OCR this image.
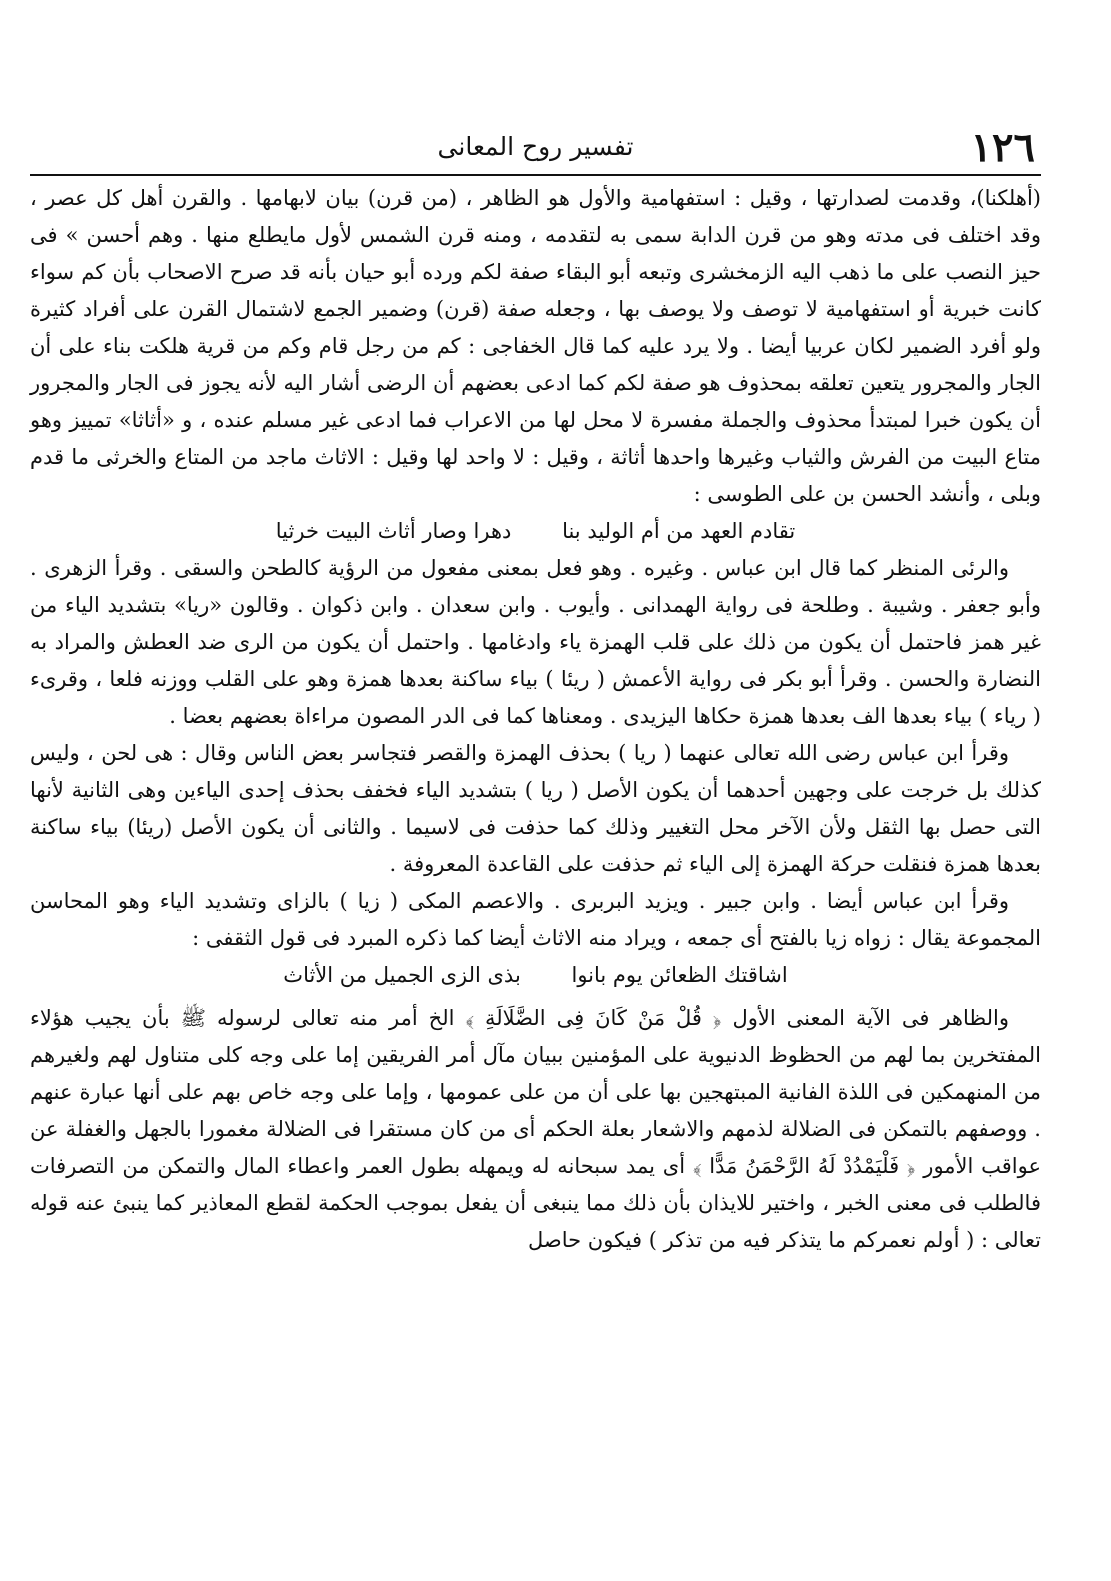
١٢٦
تفسير روح المعانى

(أهلكنا)، وقدمت لصدارتها ، وقيل : استفهامية والأول هو الظاهر ، (من قرن) بيان لابهامها . والقرن أهل كل عصر ، وقد اختلف فى مدته وهو من قرن الدابة سمى به لتقدمه ، ومنه قرن الشمس لأول مايطلع منها . وهم أحسن » فى حيز النصب على ما ذهب اليه الزمخشرى وتبعه أبو البقاء صفة لكم ورده أبو حيان بأنه قد صرح الاصحاب بأن كم سواء كانت خبرية أو استفهامية لا توصف ولا يوصف بها ، وجعله صفة (قرن) وضمير الجمع لاشتمال القرن على أفراد كثيرة ولو أفرد الضمير لكان عربيا أيضا . ولا يرد عليه كما قال الخفاجى : كم من رجل قام وكم من قرية هلكت بناء على أن الجار والمجرور يتعين تعلقه بمحذوف هو صفة لكم كما ادعى بعضهم أن الرضى أشار اليه لأنه يجوز فى الجار والمجرور أن يكون خبرا لمبتدأ محذوف والجملة مفسرة لا محل لها من الاعراب فما ادعى غير مسلم عنده ، و «أثاثا» تمييز وهو متاع البيت من الفرش والثياب وغيرها واحدها أثاثة ، وقيل : لا واحد لها وقيل : الاثاث ماجد من المتاع والخرثى ما قدم وبلى ، وأنشد الحسن بن على الطوسى :

تقادم العهد من أم الوليد بنا دهرا وصار أثاث البيت خرثيا

والرئى المنظر كما قال ابن عباس . وغيره . وهو فعل بمعنى مفعول من الرؤية كالطحن والسقى . وقرأ الزهرى . وأبو جعفر . وشيبة . وطلحة فى رواية الهمدانى . وأيوب . وابن سعدان . وابن ذكوان . وقالون «ريا» بتشديد الياء من غير همز فاحتمل أن يكون من ذلك على قلب الهمزة ياء وادغامها . واحتمل أن يكون من الرى ضد العطش والمراد به النضارة والحسن . وقرأ أبو بكر فى رواية الأعمش ( ريئا ) بياء ساكنة بعدها همزة وهو على القلب ووزنه فلعا ، وقرىء ( رياء ) بياء بعدها الف بعدها همزة حكاها اليزيدى . ومعناها كما فى الدر المصون مراءاة بعضهم بعضا .

وقرأ ابن عباس رضى الله تعالى عنهما ( ريا ) بحذف الهمزة والقصر فتجاسر بعض الناس وقال : هى لحن ، وليس كذلك بل خرجت على وجهين أحدهما أن يكون الأصل ( ريا ) بتشديد الياء فخفف بحذف إحدى الياءين وهى الثانية لأنها التى حصل بها الثقل ولأن الآخر محل التغيير وذلك كما حذفت فى لاسيما . والثانى أن يكون الأصل (ريئا) بياء ساكنة بعدها همزة فنقلت حركة الهمزة إلى الياء ثم حذفت على القاعدة المعروفة .

وقرأ ابن عباس أيضا . وابن جبير . ويزيد البربرى . والاعصم المكى ( زيا ) بالزاى وتشديد الياء وهو المحاسن المجموعة يقال : زواه زيا بالفتح أى جمعه ، ويراد منه الاثاث أيضا كما ذكره المبرد فى قول الثقفى :

اشاقتك الظعائن يوم بانوا بذى الزى الجميل من الأثاث

والظاهر فى الآية المعنى الأول ﴿ قُلْ مَنْ كَانَ فِى الضَّلَالَةِ ﴾ الخ أمر منه تعالى لرسوله ﷺ بأن يجيب هؤلاء المفتخرين بما لهم من الحظوظ الدنيوية على المؤمنين ببيان مآل أمر الفريقين إما على وجه كلى متناول لهم ولغيرهم من المنهمكين فى اللذة الفانية المبتهجين بها على أن من على عمومها ، وإما على وجه خاص بهم على أنها عبارة عنهم . ووصفهم بالتمكن فى الضلالة لذمهم والاشعار بعلة الحكم أى من كان مستقرا فى الضلالة مغمورا بالجهل والغفلة عن عواقب الأمور ﴿ فَلْيَمْدُدْ لَهُ الرَّحْمَنُ مَدًّا ﴾ أى يمد سبحانه له ويمهله بطول العمر واعطاء المال والتمكن من التصرفات فالطلب فى معنى الخبر ، واختير للايذان بأن ذلك مما ينبغى أن يفعل بموجب الحكمة لقطع المعاذير كما ينبئ عنه قوله تعالى : ( أولم نعمركم ما يتذكر فيه من تذكر ) فيكون حاصل
